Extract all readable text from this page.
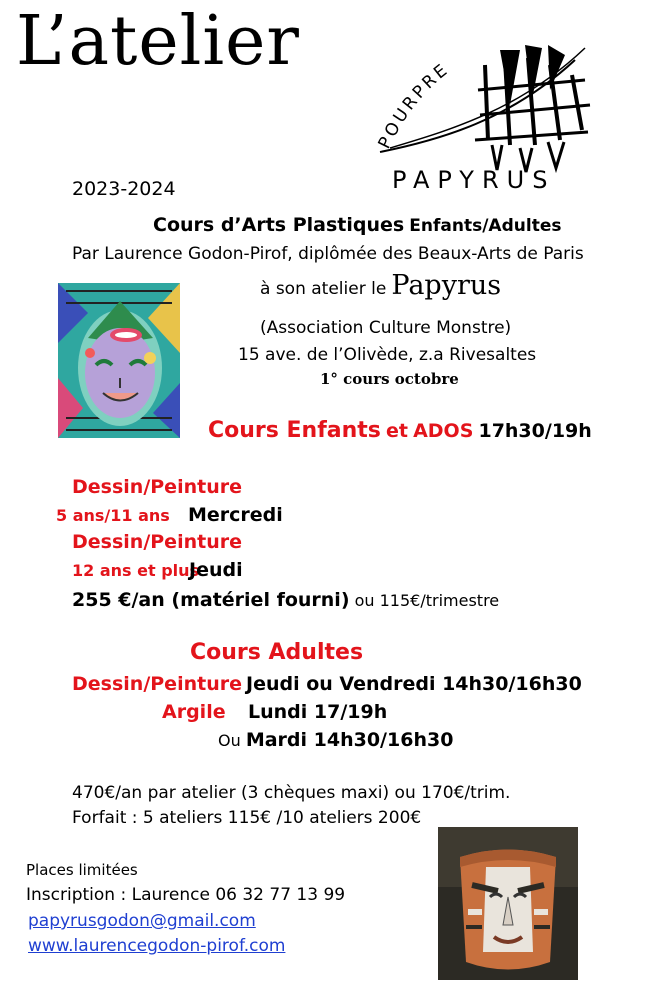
L’atelier
POURPRE
PAPYRUS
2023-2024
Cours d’Arts Plastiques Enfants/Adultes
Par Laurence Godon-Pirof, diplômée des Beaux-Arts de Paris
à son atelier le Papyrus
(Association Culture Monstre)
15 ave. de l’Olivède, z.a Rivesaltes
1° cours octobre
Cours Enfants et ADOS 17h30/19h
Dessin/Peinture
5 ans/11 ans Mercredi
Dessin/Peinture
12 ans et plus
Jeudi
255 €/an (matériel fourni) ou 115€/trimestre
Cours Adultes
Dessin/Peinture Jeudi ou Vendredi 14h30/16h30
Argile Lundi 17/19h
Ou Mardi 14h30/16h30
470€/an par atelier (3 chèques maxi) ou 170€/trim.
Forfait : 5 ateliers 115€ /10 ateliers 200€
Places limitées
Inscription : Laurence 06 32 77 13 99
papyrusgodon@gmail.com
www.laurencegodon-pirof.com
